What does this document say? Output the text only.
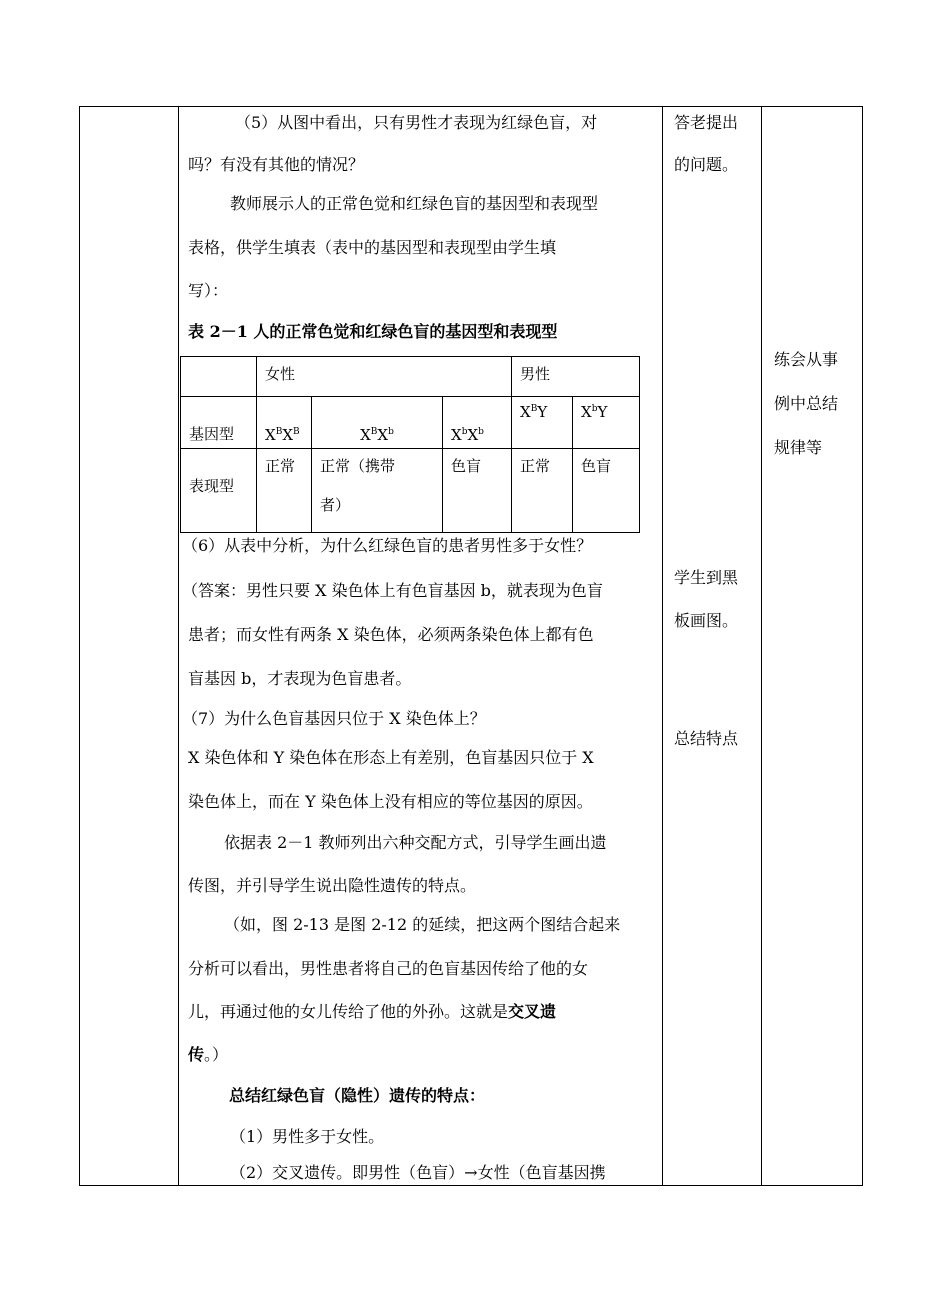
（5）从图中看出，只有男性才表现为红绿色盲，对
吗？有没有其他的情况？
教师展示人的正常色觉和红绿色盲的基因型和表现型
表格，供学生填表（表中的基因型和表现型由学生填
写）：
表 2－1 人的正常色觉和红绿色盲的基因型和表现型
	女性			男性	
基因型	$X^BX^B$	$X^BX^b$	$X^bX^b$	$X^BY$	$X^bY$
表现型	正常	正常（携带
者）	色盲	正常	色盲
（6）从表中分析，为什么红绿色盲的患者男性多于女性？
（答案：男性只要 X 染色体上有色盲基因 b，就表现为色盲
患者；而女性有两条 X 染色体，必须两条染色体上都有色
盲基因 b，才表现为色盲患者。
（7）为什么色盲基因只位于 X 染色体上？
X 染色体和 Y 染色体在形态上有差别，色盲基因只位于 X
染色体上，而在 Y 染色体上没有相应的等位基因的原因。
依据表 2－1 教师列出六种交配方式，引导学生画出遗
传图，并引导学生说出隐性遗传的特点。
（如，图 2-13 是图 2-12 的延续，把这两个图结合起来
分析可以看出，男性患者将自己的色盲基因传给了他的女
儿，再通过他的女儿传给了他的外孙。这就是交叉遗
传。）
总结红绿色盲（隐性）遗传的特点：
（1）男性多于女性。
（2）交叉遗传。即男性（色盲）→女性（色盲基因携
答老提出
的问题。
学生到黑
板画图。
总结特点
练会从事
例中总结
规律等
